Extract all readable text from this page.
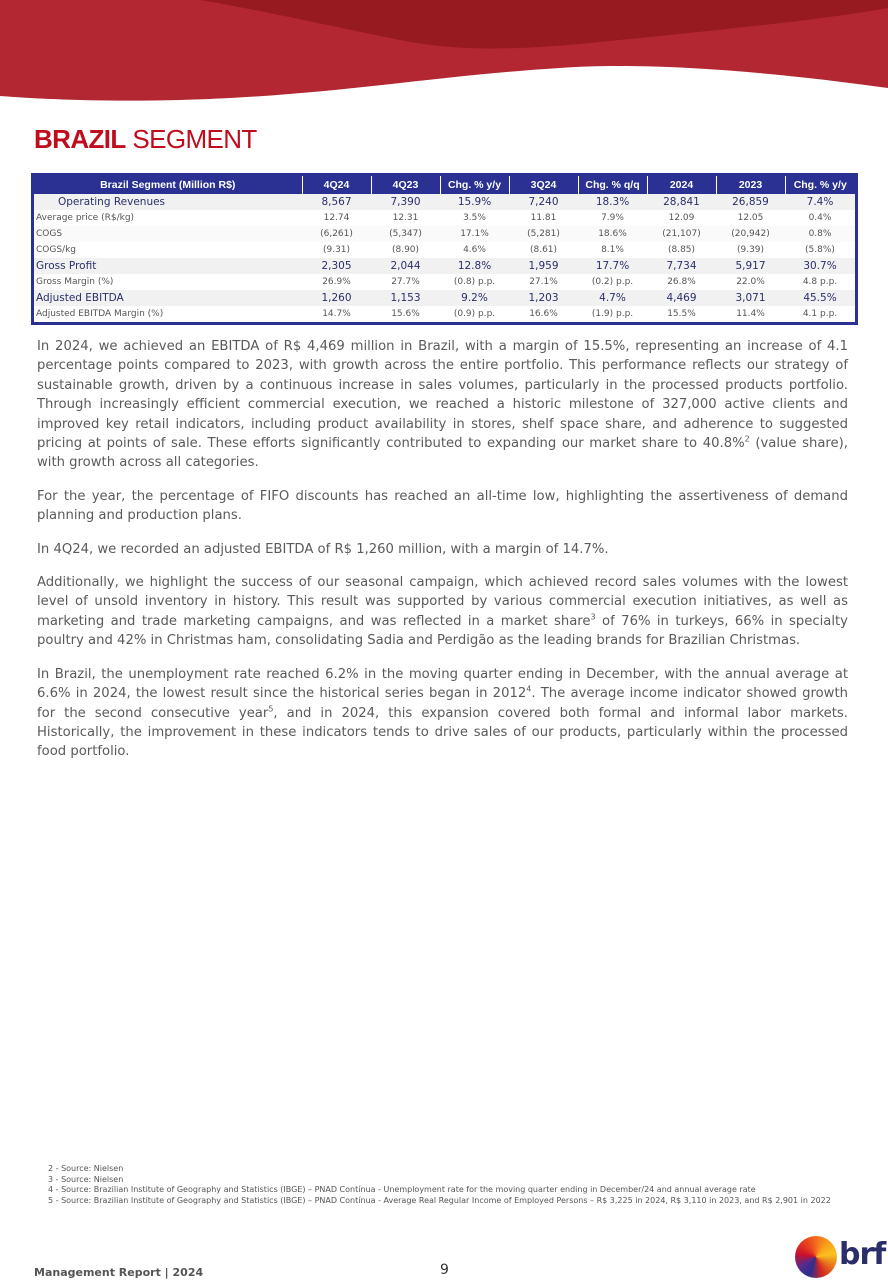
BRAZIL SEGMENT
Brazil Segment (Million R$)	4Q24	4Q23	Chg. % y/y	3Q24	Chg. % q/q	2024	2023	Chg. % y/y
Operating Revenues	8,567	7,390	15.9%	7,240	18.3%	28,841	26,859	7.4%
Average price (R$/kg)	12.74	12.31	3.5%	11.81	7.9%	12.09	12.05	0.4%
COGS	(6,261)	(5,347)	17.1%	(5,281)	18.6%	(21,107)	(20,942)	0.8%
COGS/kg	(9.31)	(8.90)	4.6%	(8.61)	8.1%	(8.85)	(9.39)	(5.8%)
Gross Profit	2,305	2,044	12.8%	1,959	17.7%	7,734	5,917	30.7%
Gross Margin (%)	26.9%	27.7%	(0.8) p.p.	27.1%	(0.2) p.p.	26.8%	22.0%	4.8 p.p.
Adjusted EBITDA	1,260	1,153	9.2%	1,203	4.7%	4,469	3,071	45.5%
Adjusted EBITDA Margin (%)	14.7%	15.6%	(0.9) p.p.	16.6%	(1.9) p.p.	15.5%	11.4%	4.1 p.p.

In 2024, we achieved an EBITDA of R$ 4,469 million in Brazil, with a margin of 15.5%, representing an increase of 4.1 percentage points compared to 2023, with growth across the entire portfolio. This performance reflects our strategy of sustainable growth, driven by a continuous increase in sales volumes, particularly in the processed products portfolio. Through increasingly efficient commercial execution, we reached a historic milestone of 327,000 active clients and improved key retail indicators, including product availability in stores, shelf space share, and adherence to suggested pricing at points of sale. These efforts significantly contributed to expanding our market share to 40.8%$^2$ (value share), with growth across all categories.

For the year, the percentage of FIFO discounts has reached an all-time low, highlighting the assertiveness of demand planning and production plans.

In 4Q24, we recorded an adjusted EBITDA of R$ 1,260 million, with a margin of 14.7%.

Additionally, we highlight the success of our seasonal campaign, which achieved record sales volumes with the lowest level of unsold inventory in history. This result was supported by various commercial execution initiatives, as well as marketing and trade marketing campaigns, and was reflected in a market share$^3$ of 76% in turkeys, 66% in specialty poultry and 42% in Christmas ham, consolidating Sadia and Perdigão as the leading brands for Brazilian Christmas.

In Brazil, the unemployment rate reached 6.2% in the moving quarter ending in December, with the annual average at 6.6% in 2024, the lowest result since the historical series began in 2012$^4$. The average income indicator showed growth for the second consecutive year$^5$, and in 2024, this expansion covered both formal and informal labor markets. Historically, the improvement in these indicators tends to drive sales of our products, particularly within the processed food portfolio.

2 - Source: Nielsen
3 - Source: Nielsen
4 - Source: Brazilian Institute of Geography and Statistics (IBGE) – PNAD Contínua - Unemployment rate for the moving quarter ending in December/24 and annual average rate
5 - Source: Brazilian Institute of Geography and Statistics (IBGE) – PNAD Contínua - Average Real Regular Income of Employed Persons – R$ 3,225 in 2024, R$ 3,110 in 2023, and R$ 2,901 in 2022
Management Report | 2024	9	brf
